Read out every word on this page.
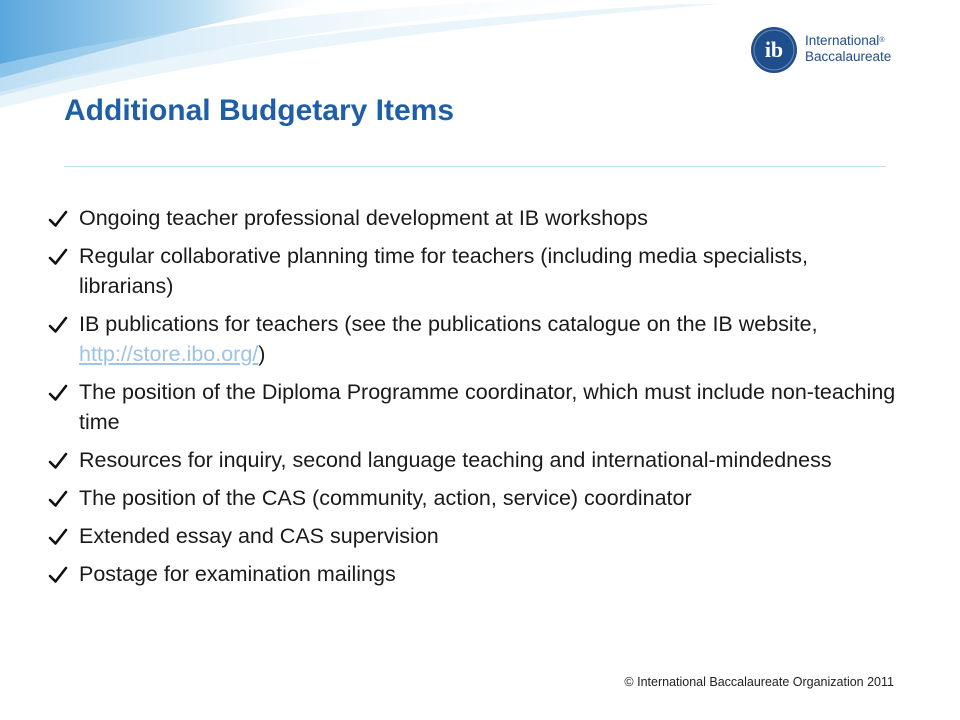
ib International®
Baccalaureate
Additional Budgetary Items
Ongoing teacher professional development at IB workshops
Regular collaborative planning time for teachers (including media specialists, librarians)
IB publications for teachers (see the publications catalogue on the IB website, http://store.ibo.org/)
The position of the Diploma Programme coordinator, which must include non-teaching time
Resources for inquiry, second language teaching and international-mindedness
The position of the CAS (community, action, service) coordinator
Extended essay and CAS supervision
Postage for examination mailings
© International Baccalaureate Organization 2011
